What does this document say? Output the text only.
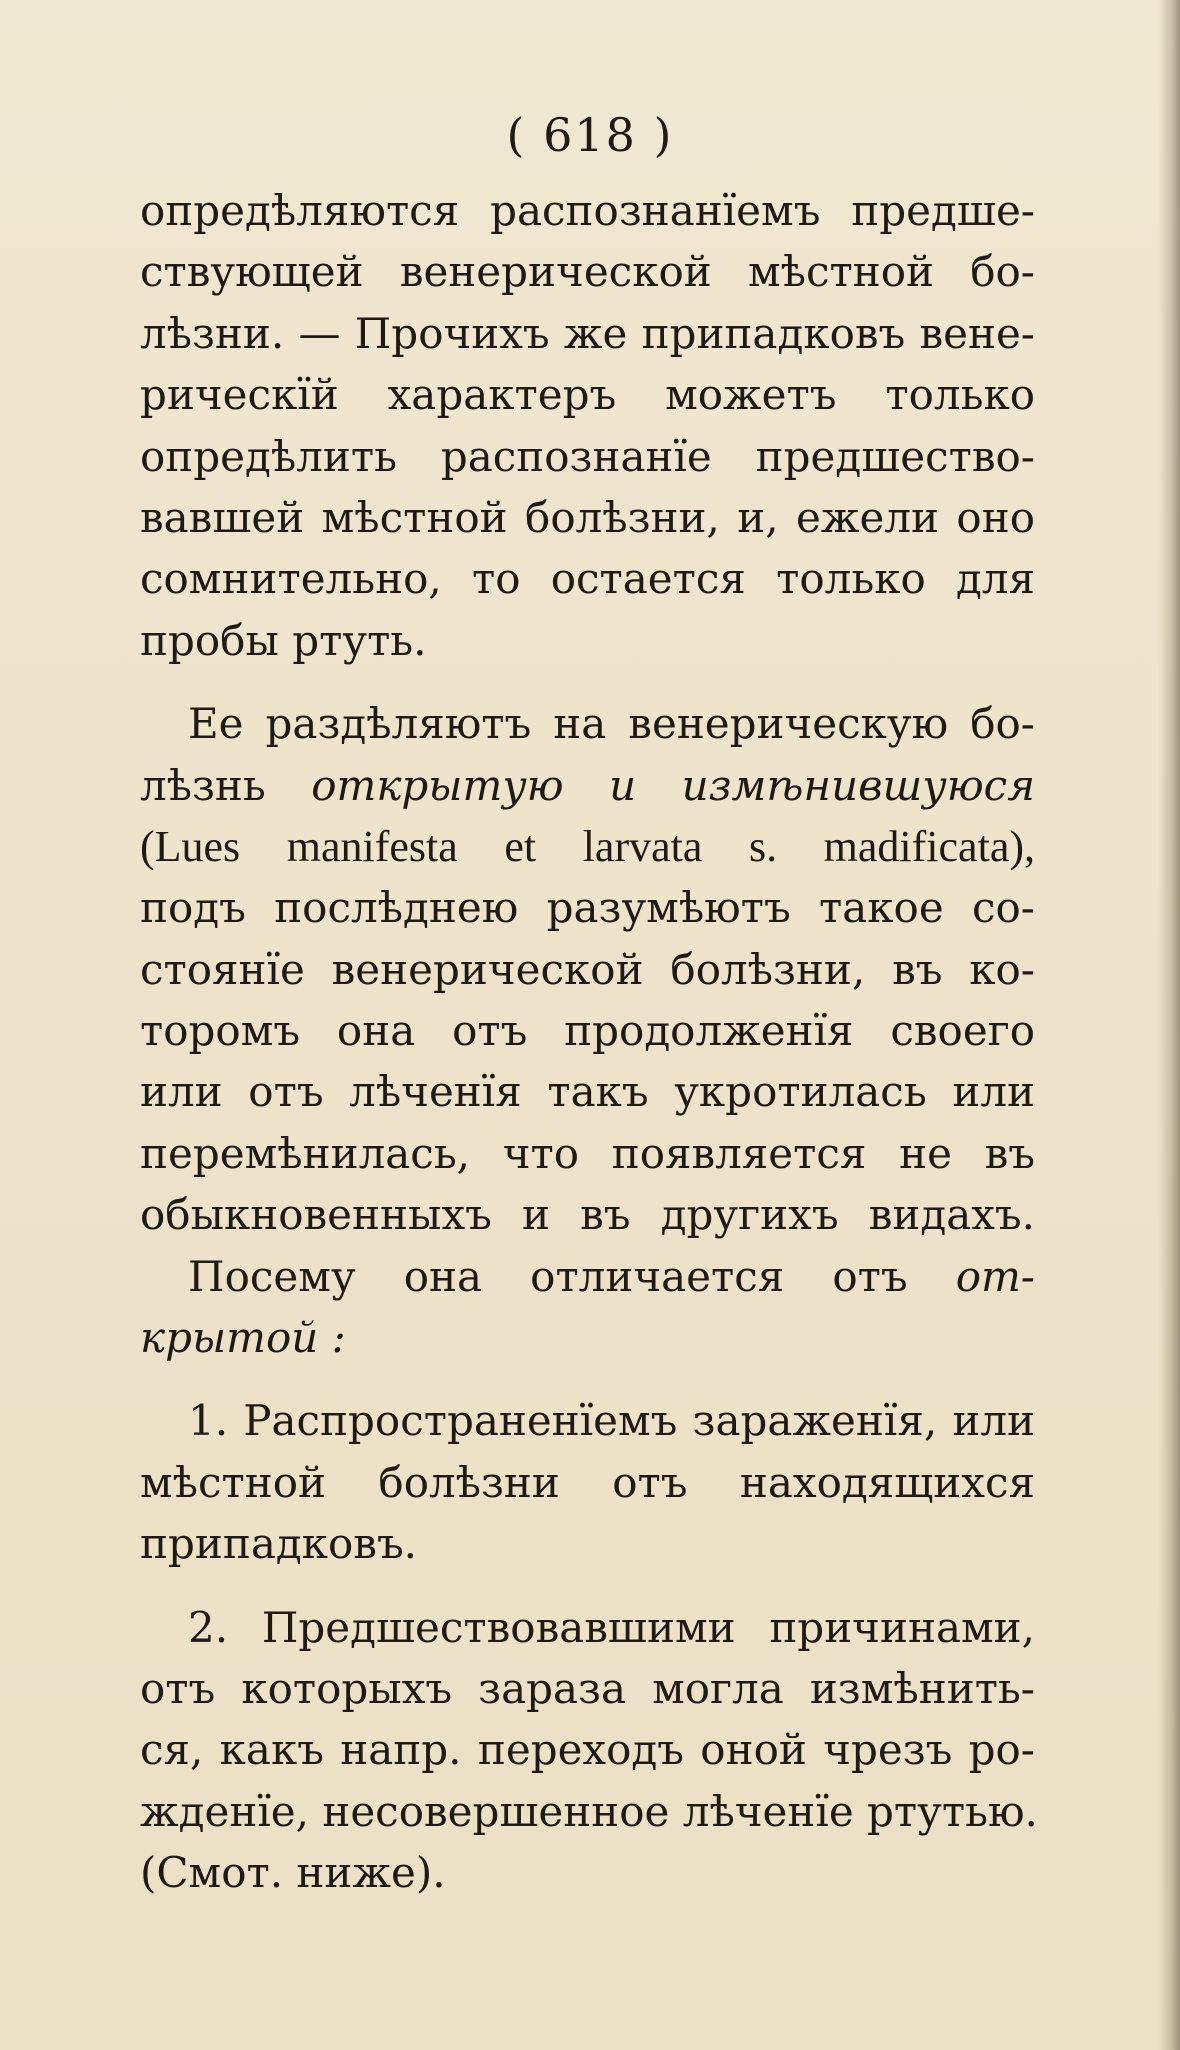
( 618 )
опредѣляются распознанїемъ предше-
ствующей венерической мѣстной бо-
лѣзни. — Прочихъ же припадковъ вене-
рическїй характеръ можетъ только
опредѣлить распознанїе предшество-
вавшей мѣстной болѣзни, и, ежели оно
сомнительно, то остается только для
пробы ртуть.
Ее раздѣляютъ на венерическую бо-
лѣзнь открытую и измѣнившуюся
(Lues manifesta et larvata s. madificata),
подъ послѣднею разумѣютъ такое со-
стоянїе венерической болѣзни, въ ко-
торомъ она отъ продолженїя своего
или отъ лѣченїя такъ укротилась или
перемѣнилась, что появляется не въ
обыкновенныхъ и въ другихъ видахъ.
Посему она отличается отъ от-
крытой :
1. Распространенїемъ зараженїя, или
мѣстной болѣзни отъ находящихся
припадковъ.
2. Предшествовавшими причинами,
отъ которыхъ зараза могла измѣнить-
ся, какъ напр. переходъ оной чрезъ ро-
жденїе, несовершенное лѣченїе ртутью.
(Смот. ниже).
